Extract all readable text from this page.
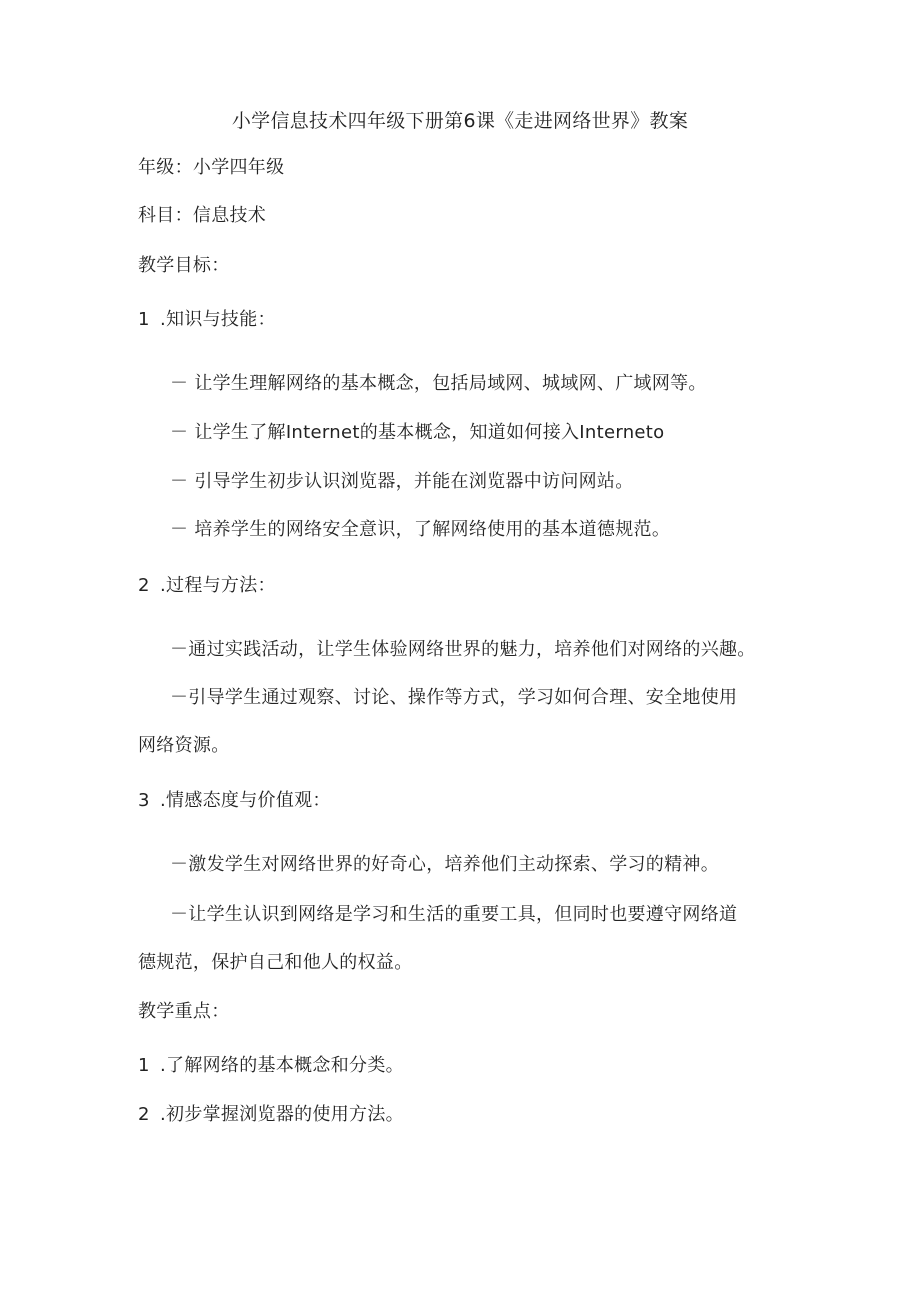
小学信息技术四年级下册第6课《走进网络世界》教案
年级：小学四年级
科目：信息技术
教学目标：
1 .知识与技能：
－ 让学生理解网络的基本概念，包括局域网、城域网、广域网等。
－ 让学生了解Internet的基本概念，知道如何接入Interneto
－ 引导学生初步认识浏览器，并能在浏览器中访问网站。
－ 培养学生的网络安全意识，了解网络使用的基本道德规范。
2 .过程与方法：
－通过实践活动，让学生体验网络世界的魅力，培养他们对网络的兴趣。
－引导学生通过观察、讨论、操作等方式，学习如何合理、安全地使用
网络资源。
3 .情感态度与价值观：
－激发学生对网络世界的好奇心，培养他们主动探索、学习的精神。
－让学生认识到网络是学习和生活的重要工具，但同时也要遵守网络道
德规范，保护自己和他人的权益。
教学重点：
1 .了解网络的基本概念和分类。
2 .初步掌握浏览器的使用方法。
